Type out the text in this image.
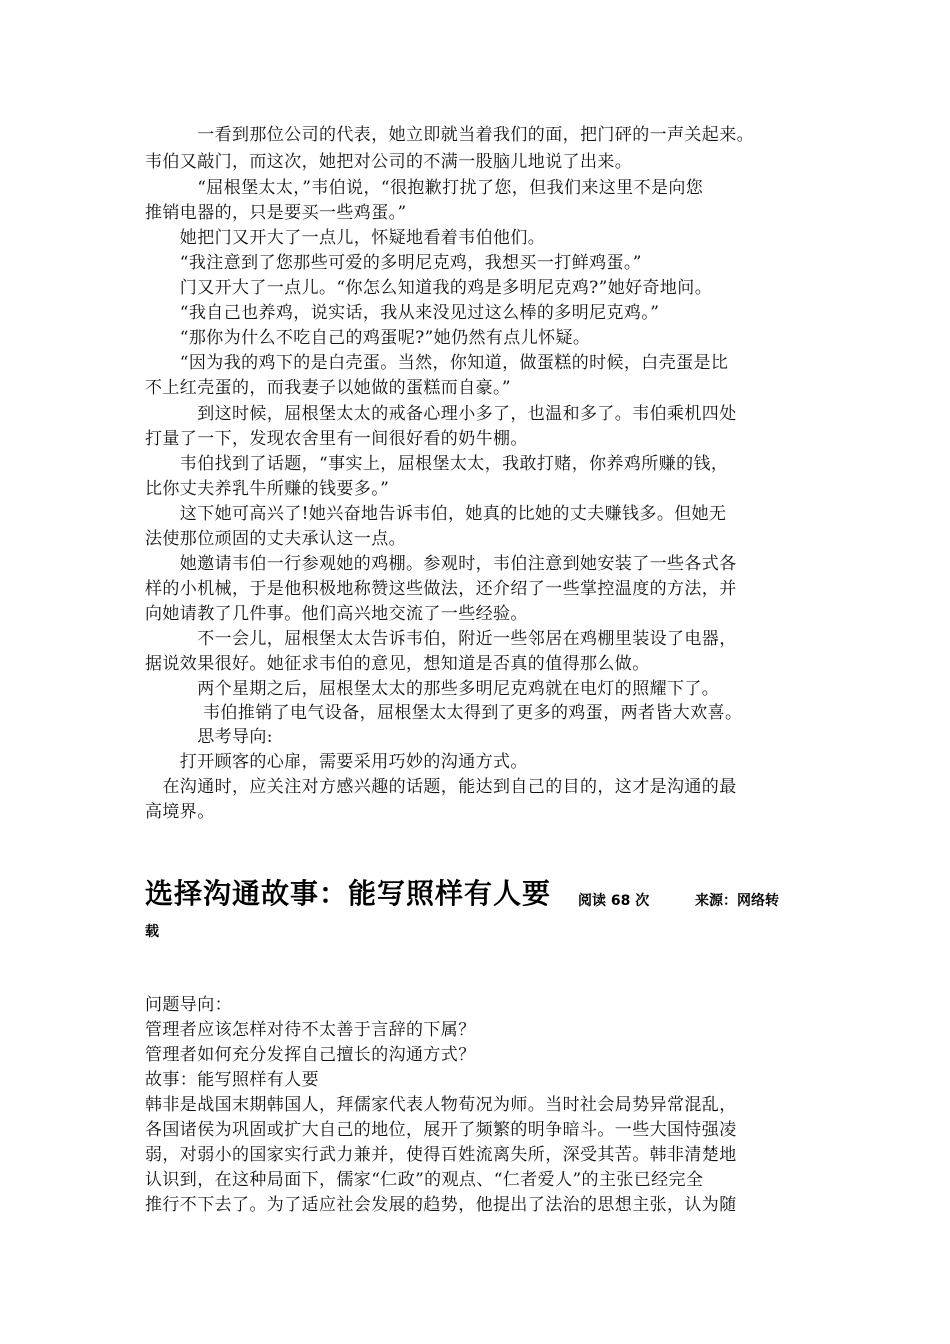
　　　一看到那位公司的代表，她立即就当着我们的面，把门砰的一声关起来。
韦伯又敲门，而这次，她把对公司的不满一股脑儿地说了出来。
　　　“屈根堡太太，”韦伯说，“很抱歉打扰了您，但我们来这里不是向您
推销电器的，只是要买一些鸡蛋。”
　　她把门又开大了一点儿，怀疑地看着韦伯他们。
　　“我注意到了您那些可爱的多明尼克鸡，我想买一打鲜鸡蛋。”
　　门又开大了一点儿。“你怎么知道我的鸡是多明尼克鸡?”她好奇地问。
　　“我自己也养鸡，说实话，我从来没见过这么棒的多明尼克鸡。”
　　“那你为什么不吃自己的鸡蛋呢?”她仍然有点儿怀疑。
　　“因为我的鸡下的是白壳蛋。当然，你知道，做蛋糕的时候，白壳蛋是比
不上红壳蛋的，而我妻子以她做的蛋糕而自豪。”
　　　到这时候，屈根堡太太的戒备心理小多了，也温和多了。韦伯乘机四处
打量了一下，发现农舍里有一间很好看的奶牛棚。
　　韦伯找到了话题，“事实上，屈根堡太太，我敢打赌，你养鸡所赚的钱，
比你丈夫养乳牛所赚的钱要多。”
　　这下她可高兴了!她兴奋地告诉韦伯，她真的比她的丈夫赚钱多。但她无
法使那位顽固的丈夫承认这一点。
　　她邀请韦伯一行参观她的鸡棚。参观时，韦伯注意到她安装了一些各式各
样的小机械，于是他积极地称赞这些做法，还介绍了一些掌控温度的方法，并
向她请教了几件事。他们高兴地交流了一些经验。
　　　不一会儿，屈根堡太太告诉韦伯，附近一些邻居在鸡棚里装设了电器，
据说效果很好。她征求韦伯的意见，想知道是否真的值得那么做。
　　　两个星期之后，屈根堡太太的那些多明尼克鸡就在电灯的照耀下了。
　　　 韦伯推销了电气设备，屈根堡太太得到了更多的鸡蛋，两者皆大欢喜。
　　　思考导向:
　　打开顾客的心扉，需要采用巧妙的沟通方式。
　在沟通时，应关注对方感兴趣的话题，能达到自己的目的，这才是沟通的最
高境界。
选择沟通故事：能写照样有人要 阅读 68 次	来源：网络转
载
问题导向：
管理者应该怎样对待不太善于言辞的下属？
管理者如何充分发挥自己擅长的沟通方式？
故事：能写照样有人要
韩非是战国末期韩国人，拜儒家代表人物荀况为师。当时社会局势异常混乱，
各国诸侯为巩固或扩大自己的地位，展开了频繁的明争暗斗。一些大国恃强凌
弱，对弱小的国家实行武力兼并，使得百姓流离失所，深受其苦。韩非清楚地
认识到，在这种局面下，儒家“仁政”的观点、“仁者爱人”的主张已经完全
推行不下去了。为了适应社会发展的趋势，他提出了法治的思想主张，认为随
